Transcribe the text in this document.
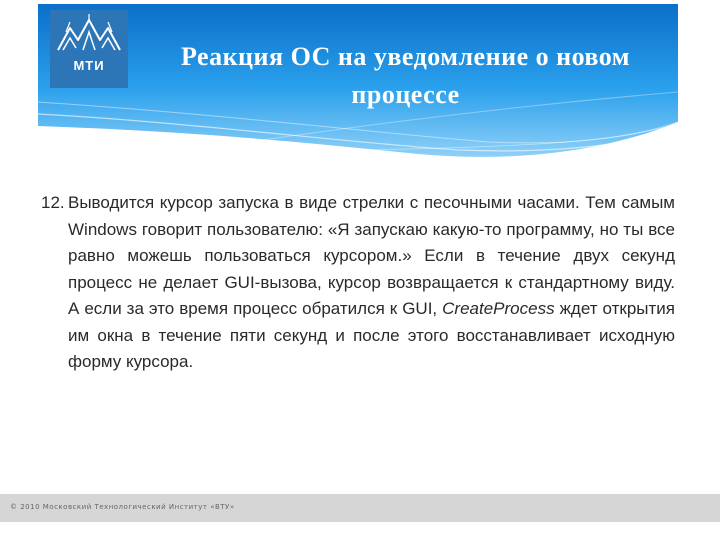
МТИ	Реакция ОС на уведомление о новом
процессе
12. Выводится курсор запуска в виде стрелки с песочными часами. Тем самым Windows говорит пользователю: «Я запускаю какую-то программу, но ты все равно можешь пользоваться курсором.» Если в течение двух секунд процесс не делает GUI-вызова, курсор возвращается к стандартному виду. А если за это время процесс обратился к GUI, CreateProcess ждет открытия им окна в течение пяти секунд и после этого восстанавливает исходную форму курсора.
© 2010 Московский Технологический Институт «ВТУ»
